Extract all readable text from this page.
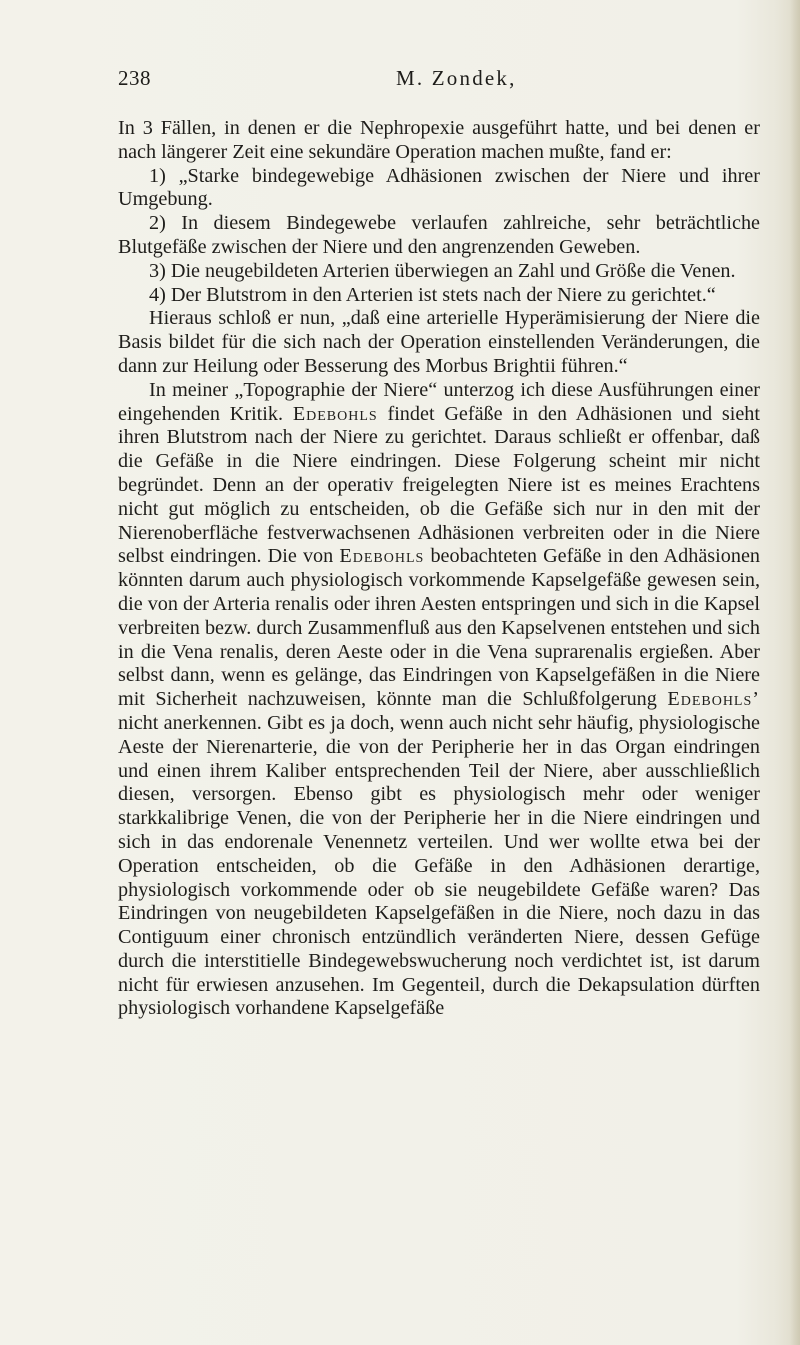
238	M. Zondek,

In 3 Fällen, in denen er die Nephropexie ausgeführt hatte, und bei denen er nach längerer Zeit eine sekundäre Operation machen mußte, fand er:

1) „Starke bindegewebige Adhäsionen zwischen der Niere und ihrer Umgebung.

2) In diesem Bindegewebe verlaufen zahlreiche, sehr beträchtliche Blutgefäße zwischen der Niere und den angrenzenden Geweben.

3) Die neugebildeten Arterien überwiegen an Zahl und Größe die Venen.

4) Der Blutstrom in den Arterien ist stets nach der Niere zu gerichtet.“

Hieraus schloß er nun, „daß eine arterielle Hyperämisierung der Niere die Basis bildet für die sich nach der Operation einstellenden Veränderungen, die dann zur Heilung oder Besserung des Morbus Brightii führen.“

In meiner „Topographie der Niere“ unterzog ich diese Ausführungen einer eingehenden Kritik. Edebohls findet Gefäße in den Adhäsionen und sieht ihren Blutstrom nach der Niere zu gerichtet. Daraus schließt er offenbar, daß die Gefäße in die Niere eindringen. Diese Folgerung scheint mir nicht begründet. Denn an der operativ freigelegten Niere ist es meines Erachtens nicht gut möglich zu entscheiden, ob die Gefäße sich nur in den mit der Nierenoberfläche festverwachsenen Adhäsionen verbreiten oder in die Niere selbst eindringen. Die von Edebohls beobachteten Gefäße in den Adhäsionen könnten darum auch physiologisch vorkommende Kapselgefäße gewesen sein, die von der Arteria renalis oder ihren Aesten entspringen und sich in die Kapsel verbreiten bezw. durch Zusammenfluß aus den Kapselvenen entstehen und sich in die Vena renalis, deren Aeste oder in die Vena suprarenalis ergießen. Aber selbst dann, wenn es gelänge, das Eindringen von Kapselgefäßen in die Niere mit Sicherheit nachzuweisen, könnte man die Schlußfolgerung Edebohls’ nicht anerkennen. Gibt es ja doch, wenn auch nicht sehr häufig, physiologische Aeste der Nierenarterie, die von der Peripherie her in das Organ eindringen und einen ihrem Kaliber entsprechenden Teil der Niere, aber ausschließlich diesen, versorgen. Ebenso gibt es physiologisch mehr oder weniger starkkalibrige Venen, die von der Peripherie her in die Niere eindringen und sich in das endorenale Venennetz verteilen. Und wer wollte etwa bei der Operation entscheiden, ob die Gefäße in den Adhäsionen derartige, physiologisch vorkommende oder ob sie neugebildete Gefäße waren? Das Eindringen von neugebildeten Kapselgefäßen in die Niere, noch dazu in das Contiguum einer chronisch entzündlich veränderten Niere, dessen Gefüge durch die interstitielle Bindegewebswucherung noch verdichtet ist, ist darum nicht für erwiesen anzusehen. Im Gegenteil, durch die Dekapsulation dürften physiologisch vorhandene Kapselgefäße
